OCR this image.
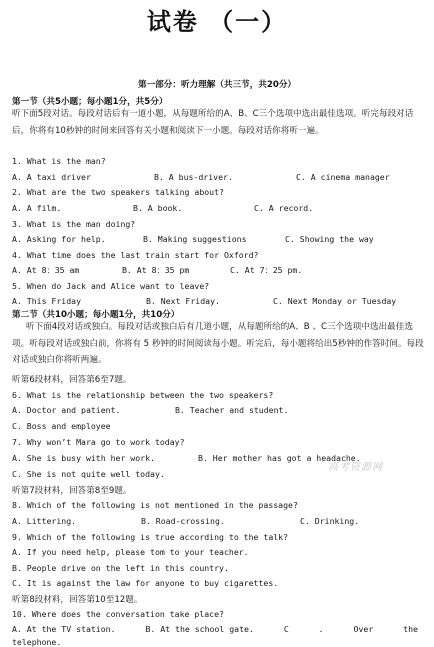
试卷 （一）
第一部分：听力理解（共三节，共20分）
第一节（共5小题；每小题1分，共5分）
听下面5段对话。每段对话后有一道小题，从每题所给的A、B、C三个选项中选出最佳选项。听完每段对话后，你将有10秒钟的时间来回答有关小题和阅读下一小题。每段对话你将听一遍。
1. What is the man?
A. A taxi driver	B. A bus-driver.	C. A cinema manager
2. What are the two speakers talking about?
A. A film.	B. A book.	C. A record.
3. What is the man doing?
A. Asking for help.	B. Making suggestions	C. Showing the way
4. What time does the last train start for Oxford?
A. At 8：35 am	B. At 8：35 pm	C. At 7：25 pm.
5. When do Jack and Alice want to leave?
A. This Friday	B. Next Friday.	C. Next Monday or Tuesday
第二节（共10小题；每小题1分，共10分）
听下面4段对话或独白。每段对话或独白后有几道小题，从每题所给的A、B 、C三个选项中选出最佳选项。听每段对话或独白前，你将有 5 秒钟的时间阅读每小题。听完后，每小题将给出5秒钟的作答时间。每段对话或独白你将听两遍。
听第6段材料，回答第6至7题。
6. What is the relationship between the two speakers?
A. Doctor and patient.	B. Teacher and student.
C. Boss and employee
7. Why won’t Mara go to work today?
A. She is busy with her work.	B. Her mother has got a headache.
C. She is not quite well today.
听第7段材料，回答第8至9题。
8. Which of the following is not mentioned in the passage?
A. Littering.	B. Road-crossing.	C. Drinking.
9. Which of the following is true according to the talk?
A. If you need help, please tom to your teacher.
B. People drive on the left in this country.
C. It is against the law for anyone to buy cigarettes.
听第8段材料，回答第10至12题。
10. Where does the conversation take place?
A. At the TV station.	B. At the school gate.	C	.	Over	the
telephone.
高考资源网
